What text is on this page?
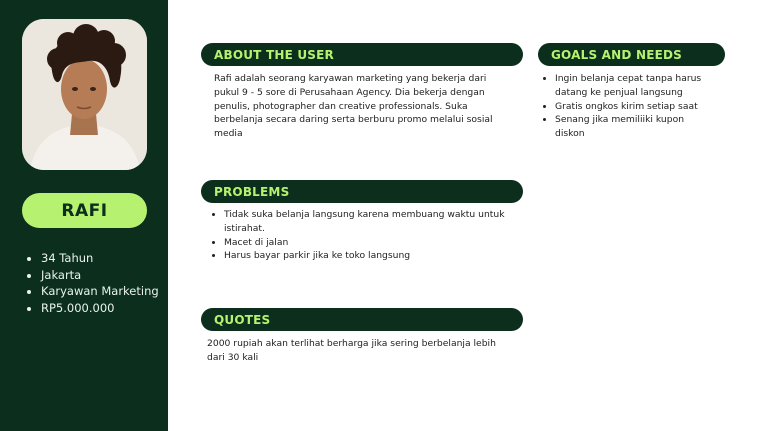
RAFI
• 34 Tahun
• Jakarta
• Karyawan Marketing
• RP5.000.000
ABOUT THE USER

Rafi adalah seorang karyawan marketing yang bekerja dari pukul 9 - 5 sore di Perusahaan Agency. Dia bekerja dengan penulis, photographer dan creative professionals. Suka berbelanja secara daring serta berburu promo melalui sosial media

GOALS AND NEEDS
• Ingin belanja cepat tanpa harus datang ke penjual langsung
• Gratis ongkos kirim setiap saat
• Senang jika memiliiki kupon diskon
PROBLEMS
• Tidak suka belanja langsung karena membuang waktu untuk istirahat.
• Macet di jalan
• Harus bayar parkir jika ke toko langsung
QUOTES

2000 rupiah akan terlihat berharga jika sering berbelanja lebih dari 30 kali
